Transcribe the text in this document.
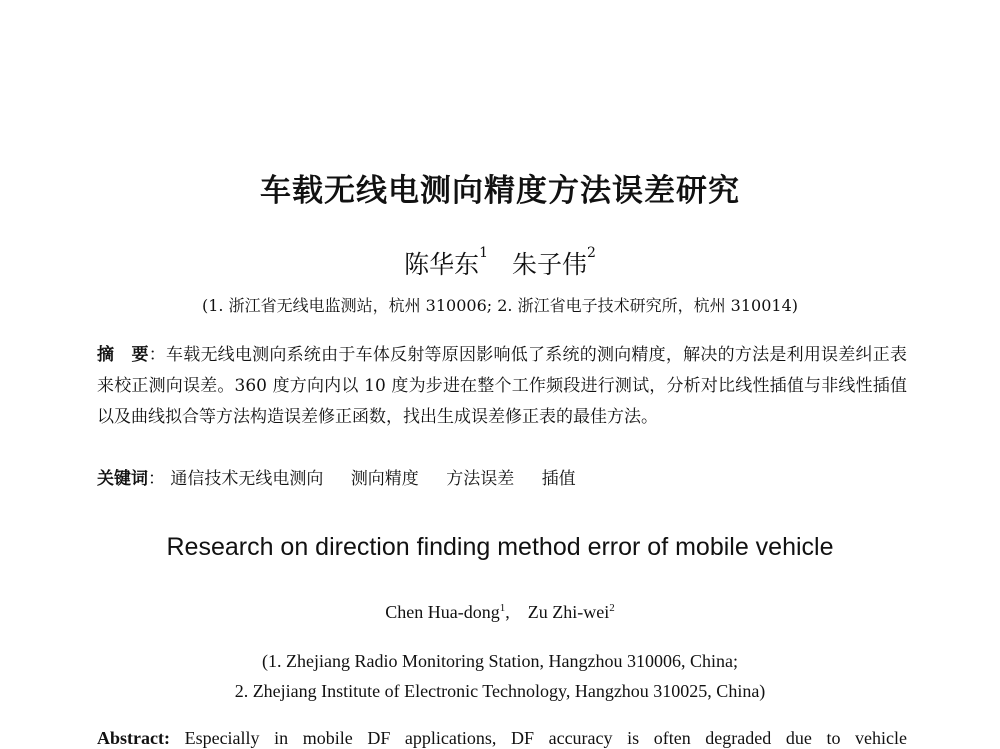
车载无线电测向精度方法误差研究
陈华东$^1$ 朱子伟$^2$
(1. 浙江省无线电监测站，杭州 310006; 2. 浙江省电子技术研究所，杭州 310014)
摘　要：车载无线电测向系统由于车体反射等原因影响低了系统的测向精度，解决的方法是利用误差纠正表来校正测向误差。360 度方向内以 10 度为步进在整个工作频段进行测试，分析对比线性插值与非线性插值以及曲线拟合等方法构造误差修正函数，找出生成误差修正表的最佳方法。
关键词： 通信技术无线电测向 测向精度 方法误差 插值
Research on direction finding method error of mobile vehicle
Chen Hua-dong$^1$,    Zu Zhi-wei$^2$
(1. Zhejiang Radio Monitoring Station, Hangzhou 310006, China;
2. Zhejiang Institute of Electronic Technology, Hangzhou 310025, China)
Abstract: Especially in mobile DF applications, DF accuracy is often degraded due to vehicle
